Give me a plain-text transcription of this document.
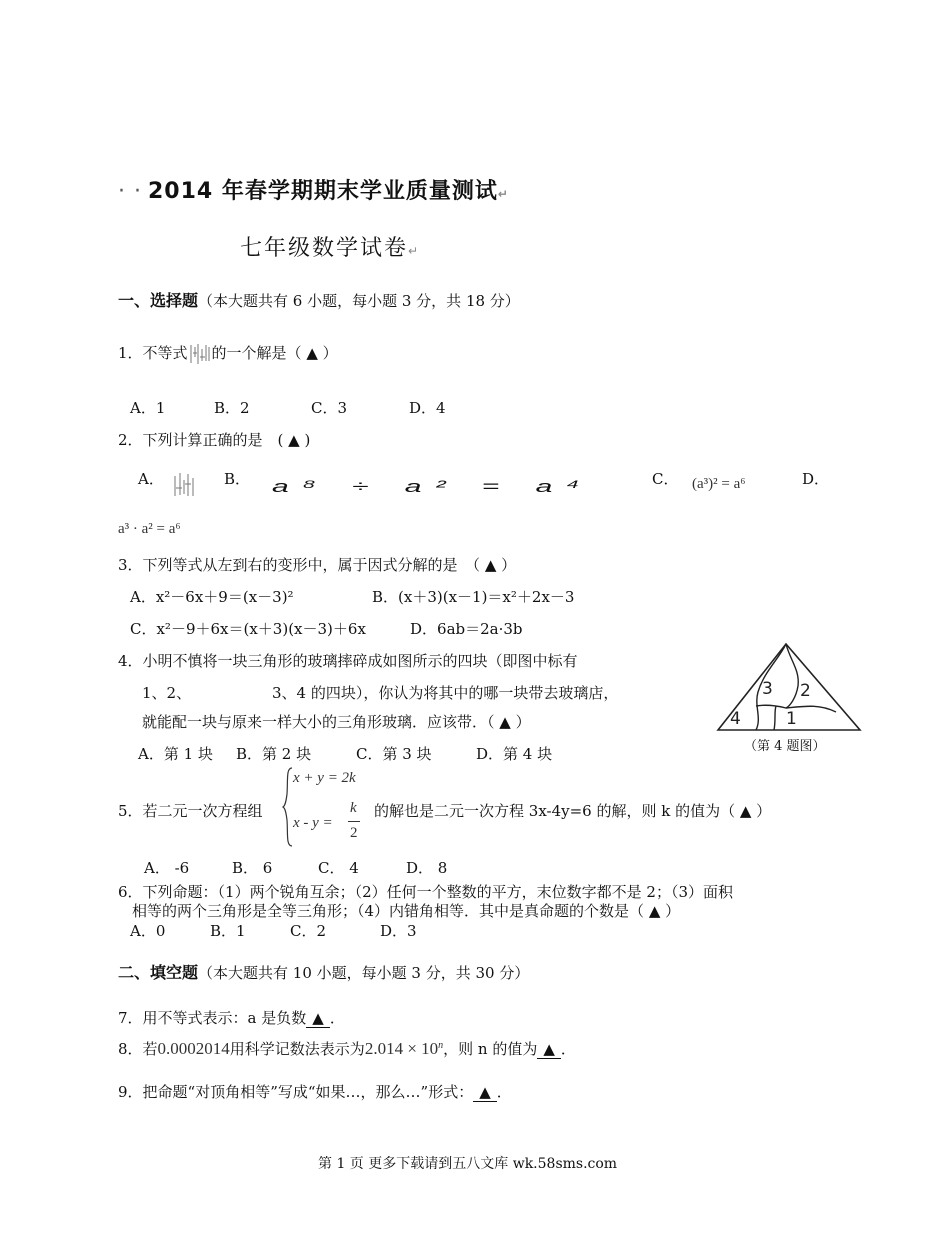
· · 2014 年春学期期末学业质量测试↵
七年级数学试卷↵
一、选择题（本大题共有 6 小题，每小题 3 分，共 18 分）
1．不等式 的一个解是（ ▲ ）
A．1	B．2	C．3	D．4
2．下列计算正确的是　( ▲ )
A．	B． a⁸ ÷ a² = a⁴	C． (a³)² = a⁶	D．
a³ · a² = a⁶
3．下列等式从左到右的变形中，属于因式分解的是　（ ▲ ）
A．x²－6x＋9＝(x－3)²	B．(x＋3)(x－1)＝x²＋2x－3
C．x²－9＋6x＝(x＋3)(x－3)＋6x	D．6ab＝2a·3b
4．小明不慎将一块三角形的玻璃摔碎成如图所示的四块（即图中标有
1、2、	3、4 的四块），你认为将其中的哪一块带去玻璃店，
就能配一块与原来一样大小的三角形玻璃．应该带．（ ▲ ）
A．第 1 块 B．第 2 块	C．第 3 块	D．第 4 块
3 2
4	1
（第 4 题图）
5．若二元一次方程组
x + y = 2k
x - y =
k
2
的解也是二元一次方程 3x-4y=6 的解，则 k 的值为（ ▲ ）
A． -6	B． 6	C． 4	D． 8
6．下列命题：（1）两个锐角互余；（2）任何一个整数的平方，末位数字都不是 2；（3）面积
相等的两个三角形是全等三角形；（4）内错角相等．其中是真命题的个数是（ ▲ ）
A．0	B．1	C．2	D．3
二、填空题（本大题共有 10 小题，每小题 3 分，共 30 分）
7．用不等式表示：a 是负数 ▲ ．
8．若0.0002014用科学记数法表示为$2.014 \times 10^n$，则 n 的值为 ▲ ．
9．把命题“对顶角相等”写成“如果…，那么…”形式： ▲ ．
第 1 页 更多下载请到五八文库 wk.58sms.com
